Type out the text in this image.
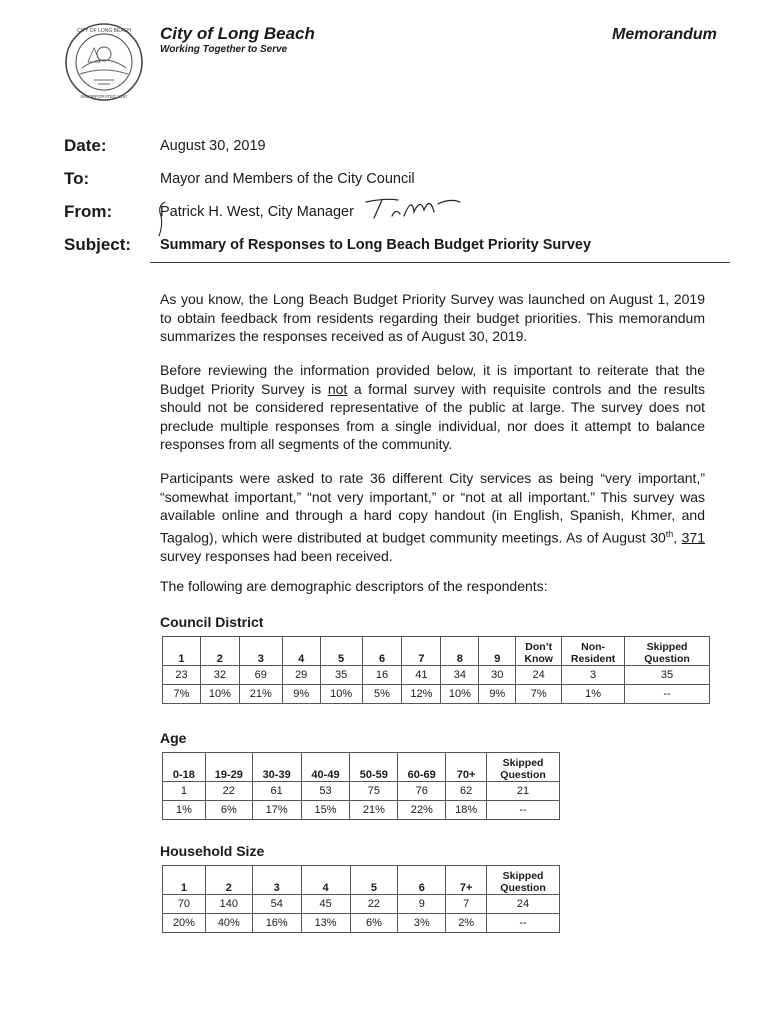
CITY OF LONG BEACH
INCORPORATED 1897
City of Long Beach
Working Together to Serve
Memorandum
Date:	August 30, 2019
To:	Mayor and Members of the City Council
From:	Patrick H. West, City Manager
Subject: Summary of Responses to Long Beach Budget Priority Survey
As you know, the Long Beach Budget Priority Survey was launched on August 1, 2019 to obtain feedback from residents regarding their budget priorities. This memorandum summarizes the responses received as of August 30, 2019.
Before reviewing the information provided below, it is important to reiterate that the Budget Priority Survey is not a formal survey with requisite controls and the results should not be considered representative of the public at large. The survey does not preclude multiple responses from a single individual, nor does it attempt to balance responses from all segments of the community.
Participants were asked to rate 36 different City services as being “very important,” “somewhat important,” “not very important,” or “not at all important.” This survey was available online and through a hard copy handout (in English, Spanish, Khmer, and Tagalog), which were distributed at budget community meetings. As of August 30th, 371 survey responses had been received.
The following are demographic descriptors of the respondents:
Council District
1	2	3	4	5	6	7	8	9	Don’t Know	Non-Resident	Skipped Question
23	32	69	29	35	16	41	34	30	24	3	35
7%	10%	21%	9%	10%	5%	12%	10%	9%	7%	1%	--
Age
0-18	19-29	30-39	40-49	50-59	60-69	70+	Skipped Question
1	22	61	53	75	76	62	21
1%	6%	17%	15%	21%	22%	18%	--
Household Size
1	2	3	4	5	6	7+	Skipped Question
70	140	54	45	22	9	7	24
20%	40%	16%	13%	6%	3%	2%	--
